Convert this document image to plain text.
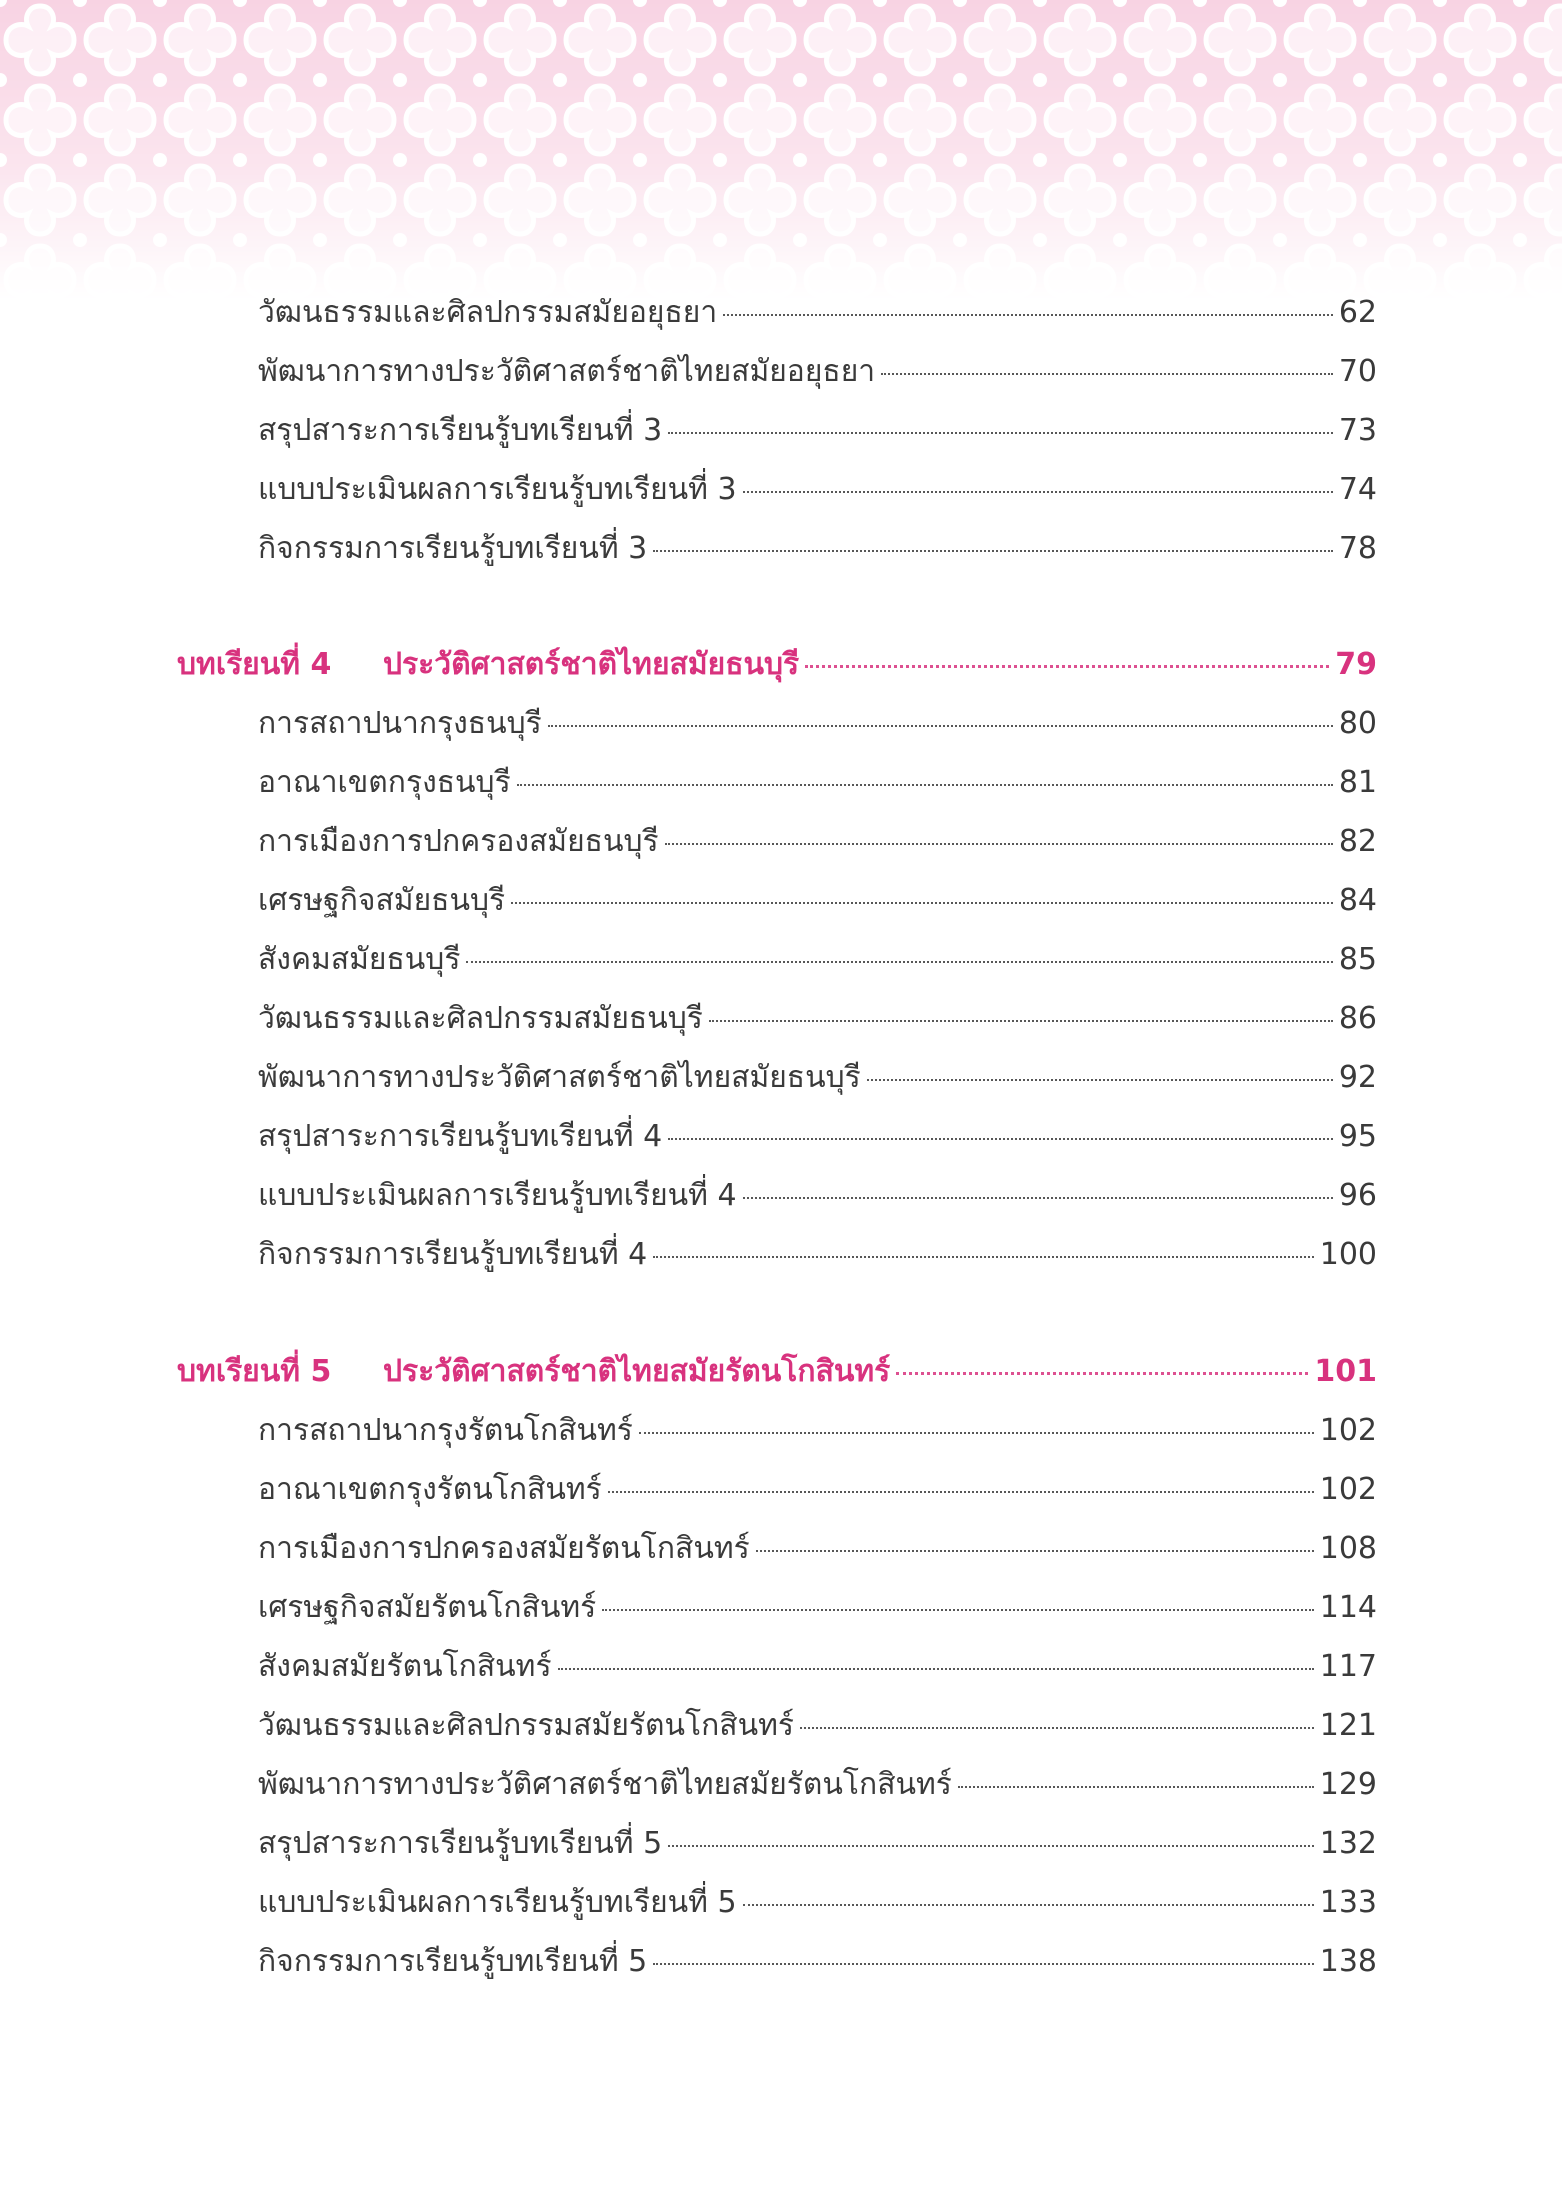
วัฒนธรรมและศิลปกรรมสมัยอยุธยา	62
พัฒนาการทางประวัติศาสตร์ชาติไทยสมัยอยุธยา	70
สรุปสาระการเรียนรู้บทเรียนที่ 3	73
แบบประเมินผลการเรียนรู้บทเรียนที่ 3	74
กิจกรรมการเรียนรู้บทเรียนที่ 3	78
บทเรียนที่ 4	ประวัติศาสตร์ชาติไทยสมัยธนบุรี	79
การสถาปนากรุงธนบุรี	80
อาณาเขตกรุงธนบุรี	81
การเมืองการปกครองสมัยธนบุรี	82
เศรษฐกิจสมัยธนบุรี	84
สังคมสมัยธนบุรี	85
วัฒนธรรมและศิลปกรรมสมัยธนบุรี	86
พัฒนาการทางประวัติศาสตร์ชาติไทยสมัยธนบุรี	92
สรุปสาระการเรียนรู้บทเรียนที่ 4	95
แบบประเมินผลการเรียนรู้บทเรียนที่ 4	96
กิจกรรมการเรียนรู้บทเรียนที่ 4	100
บทเรียนที่ 5	ประวัติศาสตร์ชาติไทยสมัยรัตนโกสินทร์	101
การสถาปนากรุงรัตนโกสินทร์	102
อาณาเขตกรุงรัตนโกสินทร์	102
การเมืองการปกครองสมัยรัตนโกสินทร์	108
เศรษฐกิจสมัยรัตนโกสินทร์	114
สังคมสมัยรัตนโกสินทร์	117
วัฒนธรรมและศิลปกรรมสมัยรัตนโกสินทร์	121
พัฒนาการทางประวัติศาสตร์ชาติไทยสมัยรัตนโกสินทร์	129
สรุปสาระการเรียนรู้บทเรียนที่ 5	132
แบบประเมินผลการเรียนรู้บทเรียนที่ 5	133
กิจกรรมการเรียนรู้บทเรียนที่ 5	138
